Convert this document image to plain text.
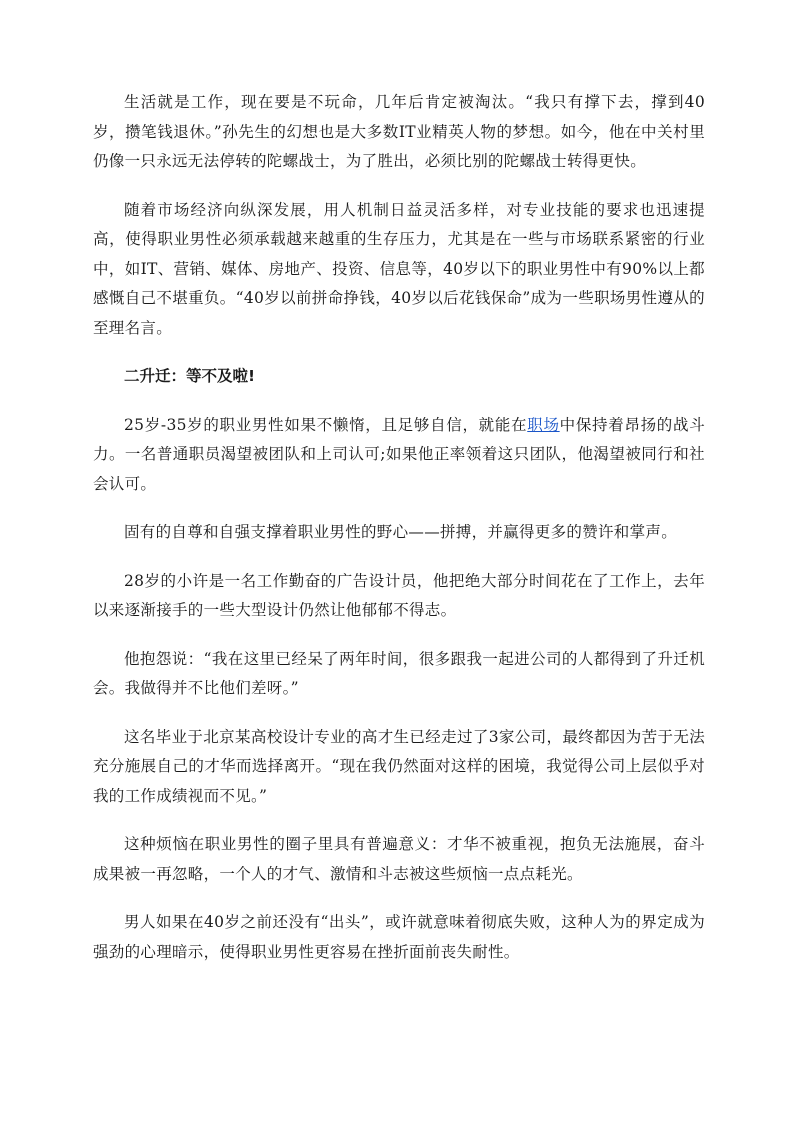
生活就是工作，现在要是不玩命，几年后肯定被淘汰。“我只有撑下去，撑到40岁，攒笔钱退休。”孙先生的幻想也是大多数IT业精英人物的梦想。如今，他在中关村里仍像一只永远无法停转的陀螺战士，为了胜出，必须比别的陀螺战士转得更快。

随着市场经济向纵深发展，用人机制日益灵活多样，对专业技能的要求也迅速提高，使得职业男性必须承载越来越重的生存压力，尤其是在一些与市场联系紧密的行业中，如IT、营销、媒体、房地产、投资、信息等，40岁以下的职业男性中有90%以上都感慨自己不堪重负。“40岁以前拼命挣钱，40岁以后花钱保命”成为一些职场男性遵从的至理名言。

二升迁：等不及啦!

25岁-35岁的职业男性如果不懒惰，且足够自信，就能在职场中保持着昂扬的战斗力。一名普通职员渴望被团队和上司认可;如果他正率领着这只团队，他渴望被同行和社会认可。

固有的自尊和自强支撑着职业男性的野心——拼搏，并赢得更多的赞许和掌声。

28岁的小许是一名工作勤奋的广告设计员，他把绝大部分时间花在了工作上，去年以来逐渐接手的一些大型设计仍然让他郁郁不得志。

他抱怨说：“我在这里已经呆了两年时间，很多跟我一起进公司的人都得到了升迁机会。我做得并不比他们差呀。”

这名毕业于北京某高校设计专业的高才生已经走过了3家公司，最终都因为苦于无法充分施展自己的才华而选择离开。“现在我仍然面对这样的困境，我觉得公司上层似乎对我的工作成绩视而不见。”

这种烦恼在职业男性的圈子里具有普遍意义：才华不被重视，抱负无法施展，奋斗成果被一再忽略，一个人的才气、激情和斗志被这些烦恼一点点耗光。

男人如果在40岁之前还没有“出头”，或许就意味着彻底失败，这种人为的界定成为强劲的心理暗示，使得职业男性更容易在挫折面前丧失耐性。
